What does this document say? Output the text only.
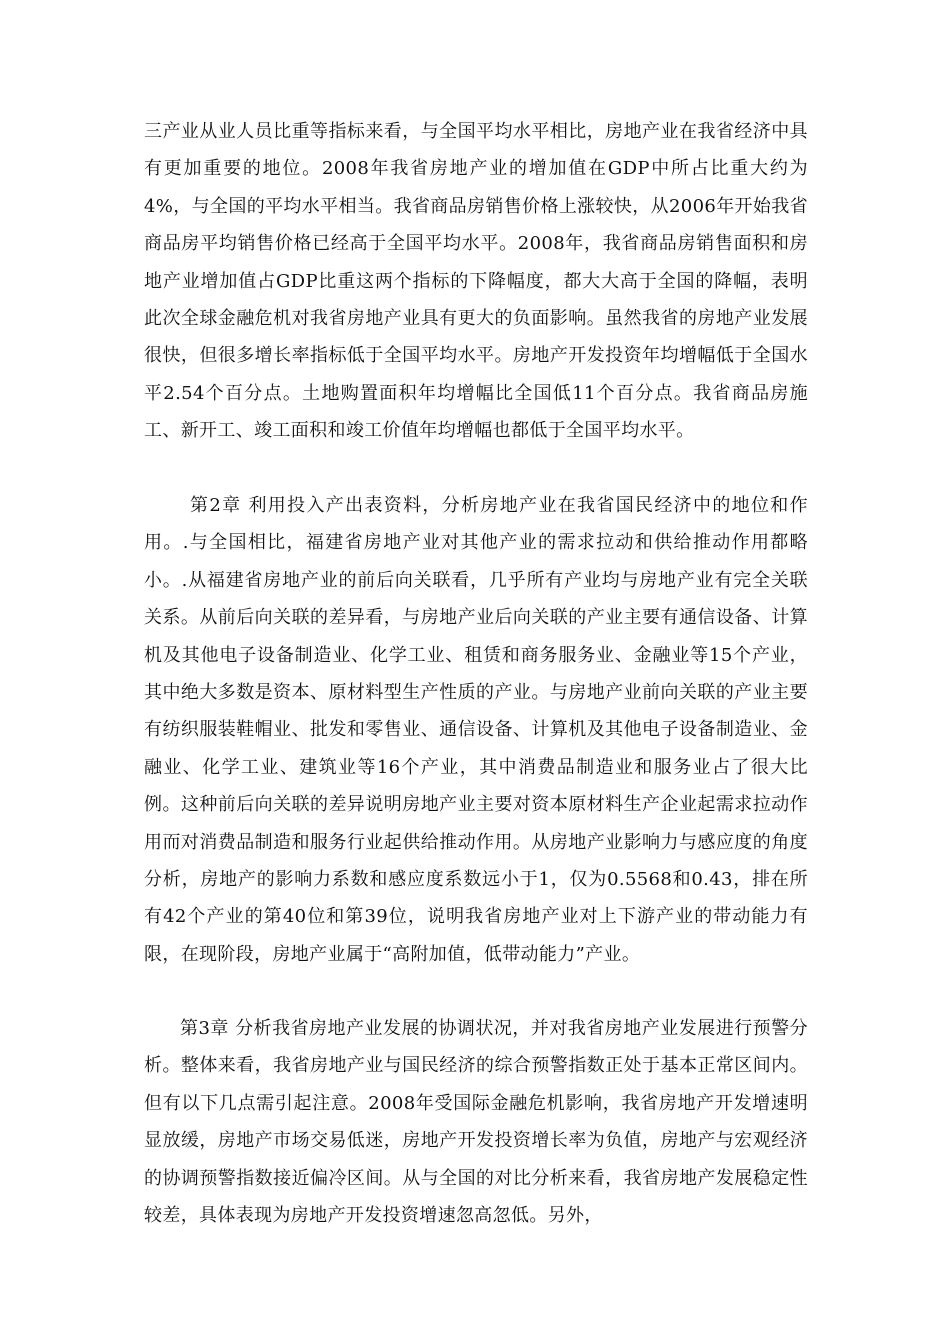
三产业从业人员比重等指标来看，与全国平均水平相比，房地产业在我省经济中具有更加重要的地位。2008年我省房地产业的增加值在GDP中所占比重大约为4%，与全国的平均水平相当。我省商品房销售价格上涨较快，从2006年开始我省商品房平均销售价格已经高于全国平均水平。2008年，我省商品房销售面积和房地产业增加值占GDP比重这两个指标的下降幅度，都大大高于全国的降幅，表明此次全球金融危机对我省房地产业具有更大的负面影响。虽然我省的房地产业发展很快，但很多增长率指标低于全国平均水平。房地产开发投资年均增幅低于全国水平2.54个百分点。土地购置面积年均增幅比全国低11个百分点。我省商品房施工、新开工、竣工面积和竣工价值年均增幅也都低于全国平均水平。

第2章 利用投入产出表资料，分析房地产业在我省国民经济中的地位和作用。.与全国相比，福建省房地产业对其他产业的需求拉动和供给推动作用都略小。.从福建省房地产业的前后向关联看，几乎所有产业均与房地产业有完全关联关系。从前后向关联的差异看，与房地产业后向关联的产业主要有通信设备、计算机及其他电子设备制造业、化学工业、租赁和商务服务业、金融业等15个产业，其中绝大多数是资本、原材料型生产性质的产业。与房地产业前向关联的产业主要有纺织服装鞋帽业、批发和零售业、通信设备、计算机及其他电子设备制造业、金融业、化学工业、建筑业等16个产业，其中消费品制造业和服务业占了很大比例。这种前后向关联的差异说明房地产业主要对资本原材料生产企业起需求拉动作用而对消费品制造和服务行业起供给推动作用。从房地产业影响力与感应度的角度分析，房地产的影响力系数和感应度系数远小于1，仅为0.5568和0.43，排在所有42个产业的第40位和第39位，说明我省房地产业对上下游产业的带动能力有限，在现阶段，房地产业属于“高附加值，低带动能力”产业。

第3章 分析我省房地产业发展的协调状况，并对我省房地产业发展进行预警分析。整体来看，我省房地产业与国民经济的综合预警指数正处于基本正常区间内。但有以下几点需引起注意。2008年受国际金融危机影响，我省房地产开发增速明显放缓，房地产市场交易低迷，房地产开发投资增长率为负值，房地产与宏观经济的协调预警指数接近偏冷区间。从与全国的对比分析来看，我省房地产发展稳定性较差，具体表现为房地产开发投资增速忽高忽低。另外，
